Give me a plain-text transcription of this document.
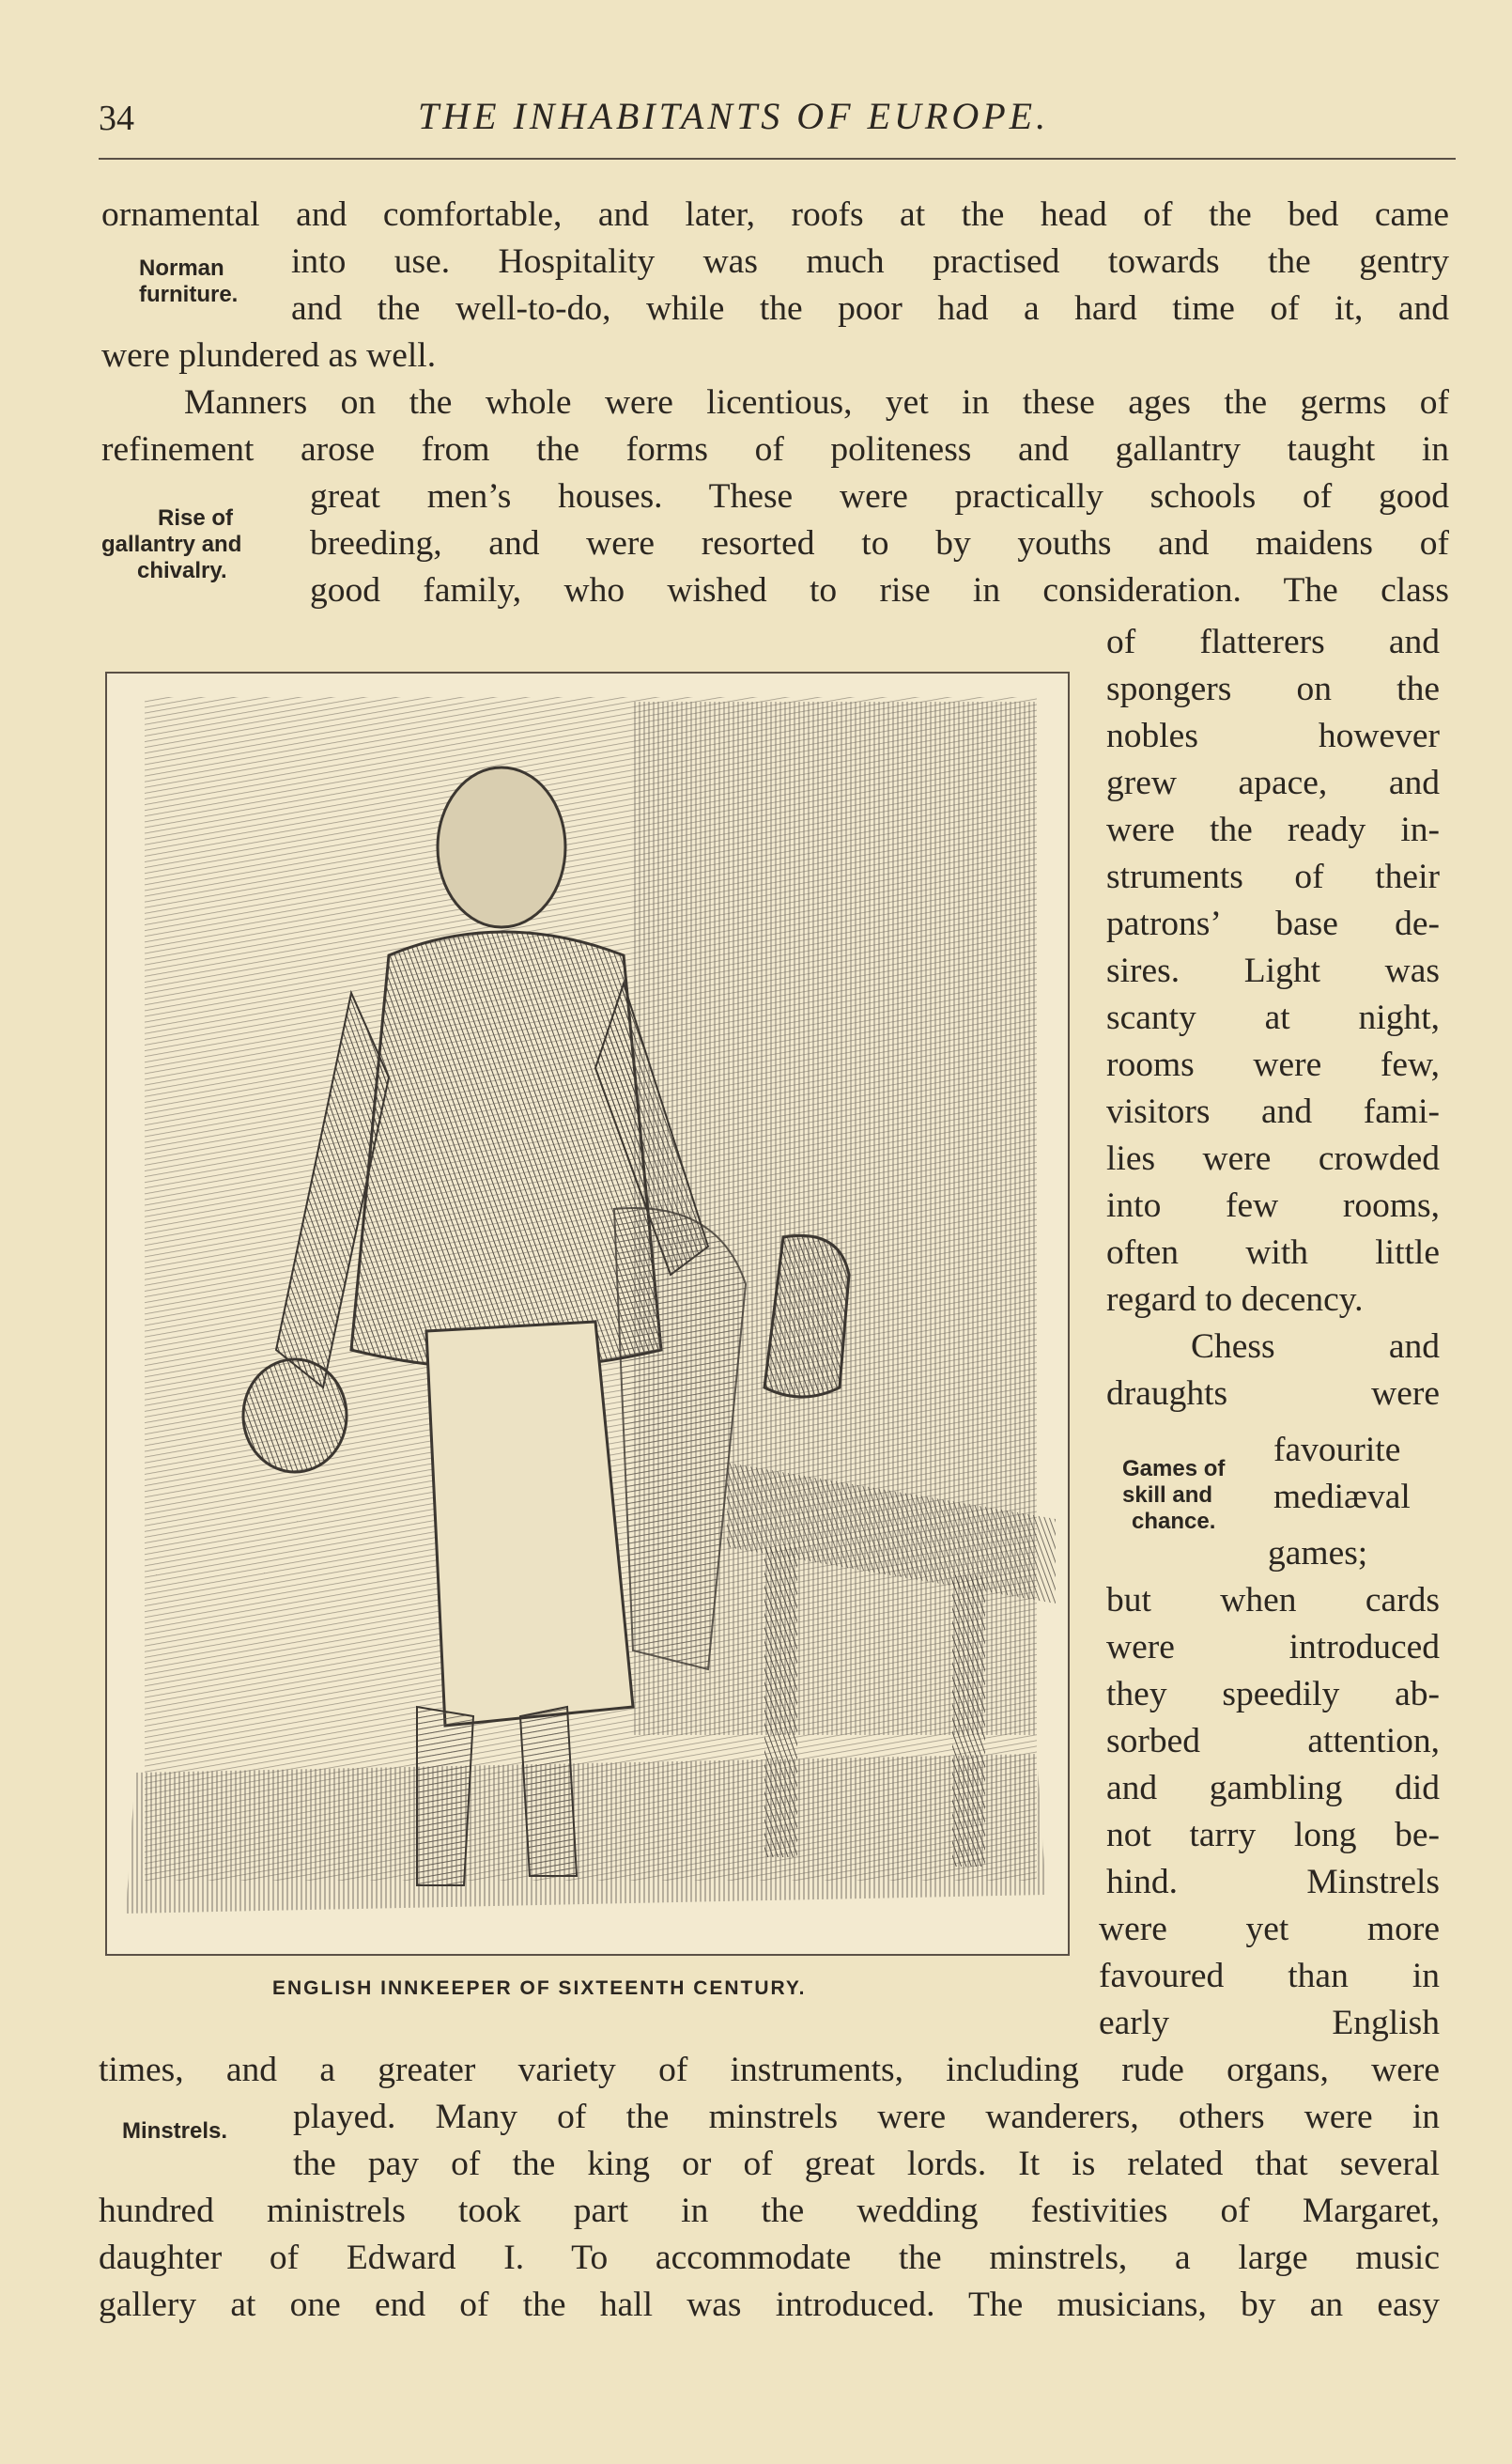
34	THE INHABITANTS OF EUROPE.
ornamental and comfortable, and later, roofs at the head of the bed came
into use. Hospitality was much practised towards the gentry
and the well-to-do, while the poor had a hard time of it, and
were plundered as well.
Manners on the whole were licentious, yet in these ages the germs of
refinement arose from the forms of politeness and gallantry taught in
great men’s houses. These were practically schools of good
breeding, and were resorted to by youths and maidens of
good family, who wished to rise in consideration. The class
Norman
furniture.
Rise of
gallantry and
chivalry.
Games of
skill and
chance.
Minstrels.
ENGLISH INNKEEPER OF SIXTEENTH CENTURY.
of flatterers and
spongers on the
nobles however
grew apace, and
were the ready in-
struments of their
patrons’ base de-
sires. Light was
scanty at night,
rooms were few,
visitors and fami-
lies were crowded
into few rooms,
often with little
regard to decency.
Chess and
draughts were
favourite
mediæval
games;
but when cards
were introduced
they speedily ab-
sorbed attention,
and gambling did
not tarry long be-
hind. Minstrels
were yet more
favoured than in
early English
times, and a greater variety of instruments, including rude organs, were
played. Many of the minstrels were wanderers, others were in
the pay of the king or of great lords. It is related that several
hundred ministrels took part in the wedding festivities of Margaret,
daughter of Edward I. To accommodate the minstrels, a large music
gallery at one end of the hall was introduced. The musicians, by an easy
